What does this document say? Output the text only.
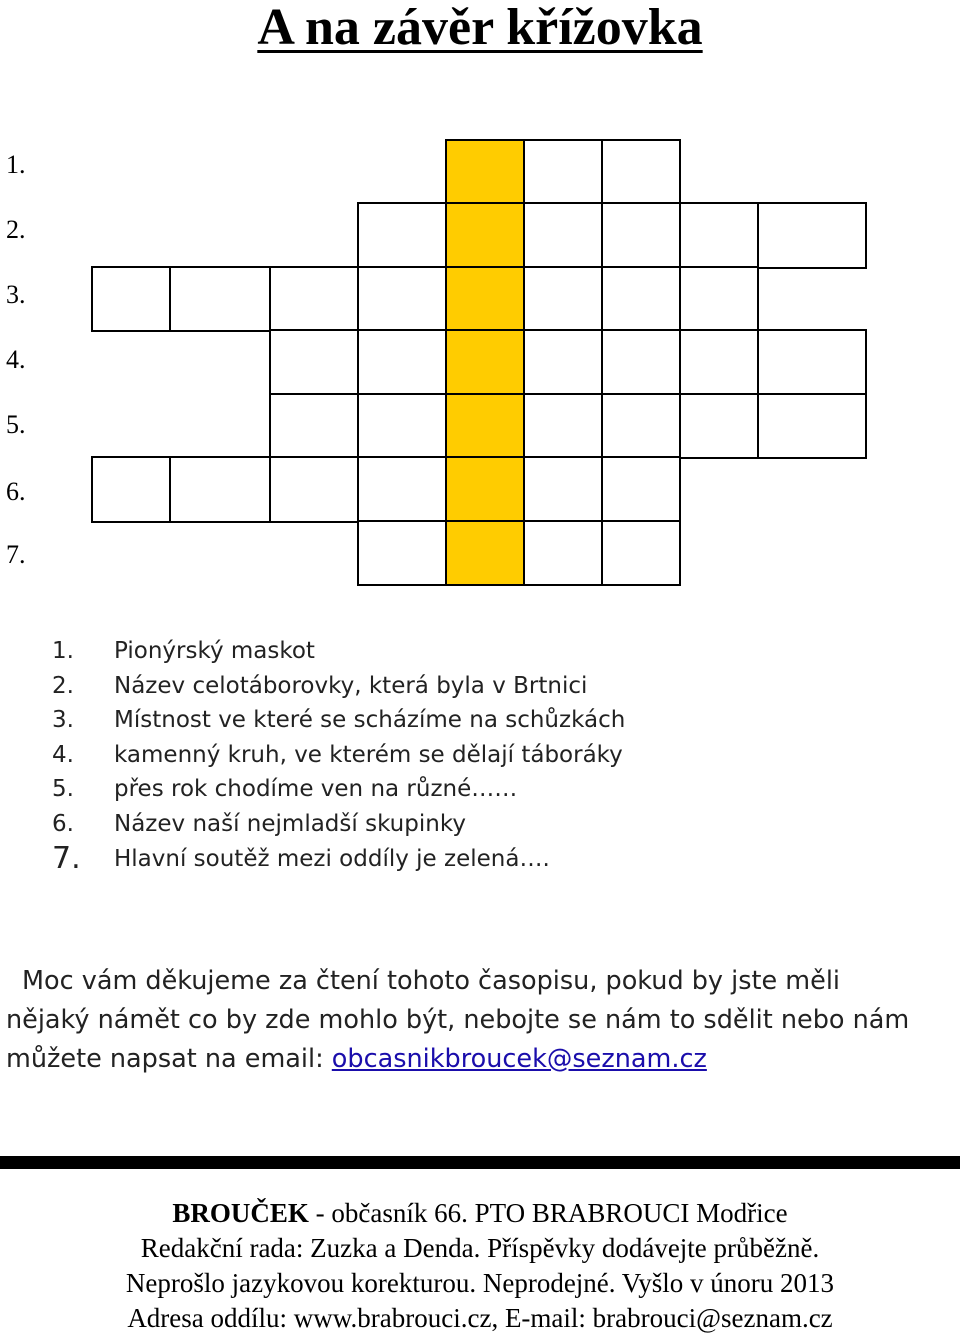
A na závěr křížovka
1.
2.
3.
4.
5.
6.
7.
1.	Pionýrský maskot
2.	Název celotáborovky, která byla v Brtnici
3.	Místnost ve které se scházíme na schůzkách
4.	kamenný kruh, ve kterém se dělají táboráky
5.	přes rok chodíme ven na různé……
6.	Název naší nejmladší skupinky
7.	Hlavní soutěž mezi oddíly je zelená….
Moc vám děkujeme za čtení tohoto časopisu, pokud by jste měli
nějaký námět co by zde mohlo být, nebojte se nám to sdělit nebo nám
můžete napsat na email: obcasnikbroucek@seznam.cz
BROUČEK - občasník 66. PTO BRABROUCI Modřice
Redakční rada: Zuzka a Denda. Příspěvky dodávejte průběžně.
Neprošlo jazykovou korekturou. Neprodejné. Vyšlo v únoru 2013
Adresa oddílu: www.brabrouci.cz, E-mail: brabrouci@seznam.cz
